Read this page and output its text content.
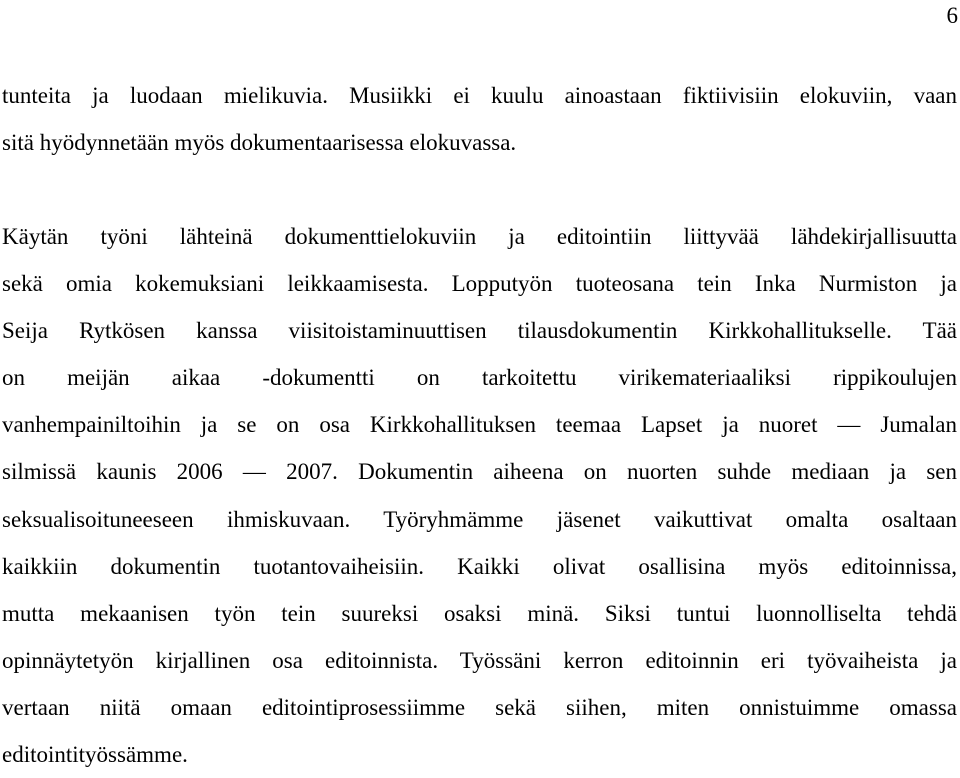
6
tunteita ja luodaan mielikuvia. Musiikki ei kuulu ainoastaan fiktiivisiin elokuviin, vaan
sitä hyödynnetään myös dokumentaarisessa elokuvassa.
Käytän työni lähteinä dokumenttielokuviin ja editointiin liittyvää lähdekirjallisuutta
sekä omia kokemuksiani leikkaamisesta. Lopputyön tuoteosana tein Inka Nurmiston ja
Seija Rytkösen kanssa viisitoistaminuuttisen tilausdokumentin Kirkkohallitukselle. Tää
on meijän aikaa -dokumentti on tarkoitettu virikemateriaaliksi rippikoulujen
vanhempainiltoihin ja se on osa Kirkkohallituksen teemaa Lapset ja nuoret — Jumalan
silmissä kaunis 2006 — 2007. Dokumentin aiheena on nuorten suhde mediaan ja sen
seksualisoituneeseen ihmiskuvaan. Työryhmämme jäsenet vaikuttivat omalta osaltaan
kaikkiin dokumentin tuotantovaiheisiin. Kaikki olivat osallisina myös editoinnissa,
mutta mekaanisen työn tein suureksi osaksi minä. Siksi tuntui luonnolliselta tehdä
opinnäytetyön kirjallinen osa editoinnista. Työssäni kerron editoinnin eri työvaiheista ja
vertaan niitä omaan editointiprosessiimme sekä siihen, miten onnistuimme omassa
editointityössämme.
